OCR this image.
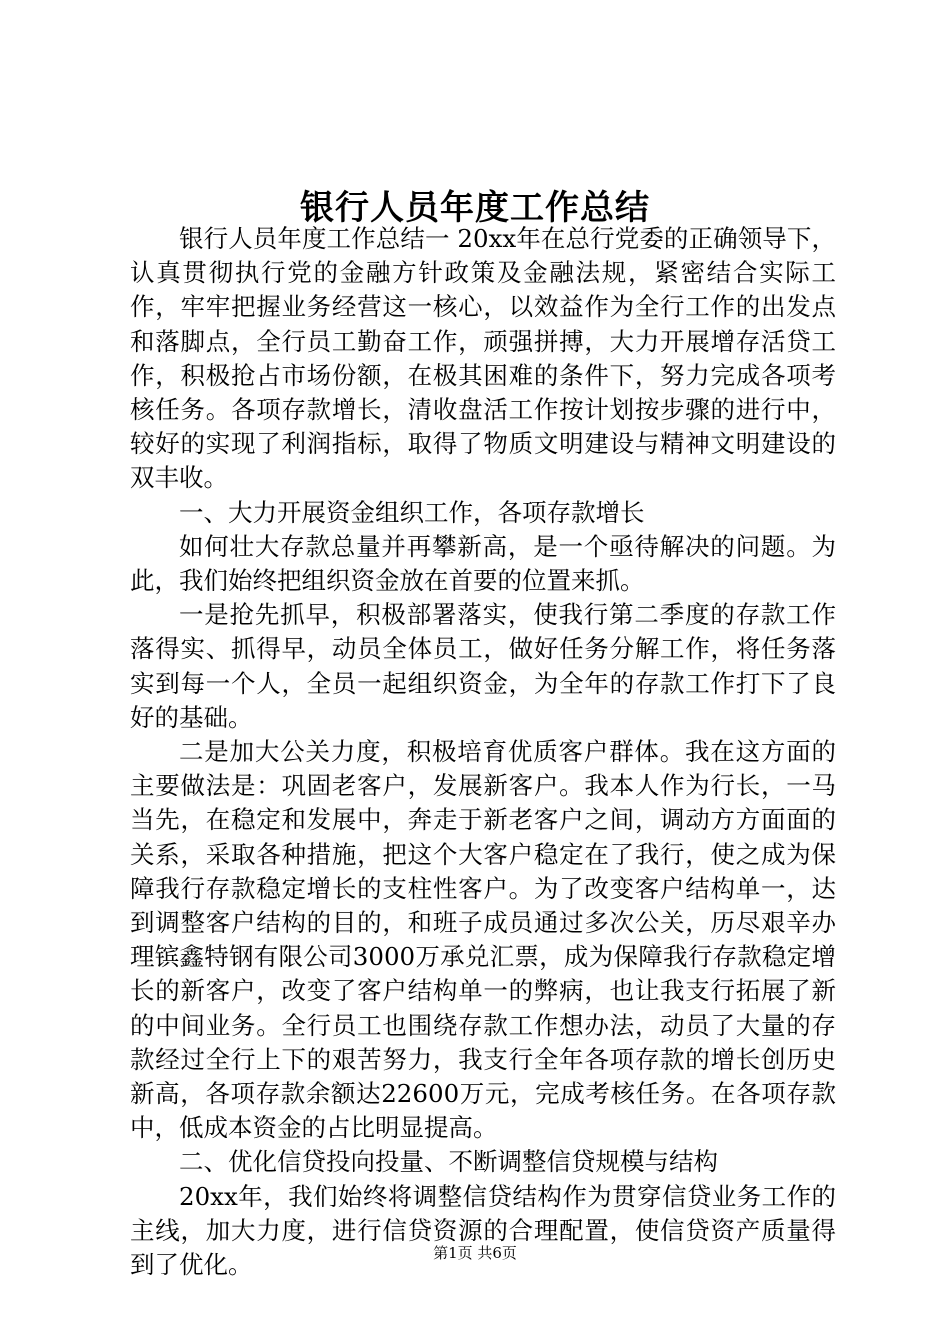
银行人员年度工作总结

银行人员年度工作总结一 20xx年在总行党委的正确领导下，认真贯彻执行党的金融方针政策及金融法规，紧密结合实际工作，牢牢把握业务经营这一核心，以效益作为全行工作的出发点和落脚点，全行员工勤奋工作，顽强拼搏，大力开展增存活贷工作，积极抢占市场份额，在极其困难的条件下，努力完成各项考核任务。各项存款增长，清收盘活工作按计划按步骤的进行中，较好的实现了利润指标，取得了物质文明建设与精神文明建设的双丰收。

一、大力开展资金组织工作，各项存款增长

如何壮大存款总量并再攀新高，是一个亟待解决的问题。为此，我们始终把组织资金放在首要的位置来抓。

一是抢先抓早，积极部署落实，使我行第二季度的存款工作落得实、抓得早，动员全体员工，做好任务分解工作，将任务落实到每一个人，全员一起组织资金，为全年的存款工作打下了良好的基础。

二是加大公关力度，积极培育优质客户群体。我在这方面的主要做法是：巩固老客户，发展新客户。我本人作为行长，一马当先，在稳定和发展中，奔走于新老客户之间，调动方方面面的关系，采取各种措施，把这个大客户稳定在了我行，使之成为保障我行存款稳定增长的支柱性客户。为了改变客户结构单一，达到调整客户结构的目的，和班子成员通过多次公关，历尽艰辛办理镔鑫特钢有限公司3000万承兑汇票，成为保障我行存款稳定增长的新客户，改变了客户结构单一的弊病，也让我支行拓展了新的中间业务。全行员工也围绕存款工作想办法，动员了大量的存款经过全行上下的艰苦努力，我支行全年各项存款的增长创历史新高，各项存款余额达22600万元，完成考核任务。在各项存款中，低成本资金的占比明显提高。

二、优化信贷投向投量、不断调整信贷规模与结构

20xx年，我们始终将调整信贷结构作为贯穿信贷业务工作的主线，加大力度，进行信贷资源的合理配置，使信贷资产质量得到了优化。	第1页 共6页
